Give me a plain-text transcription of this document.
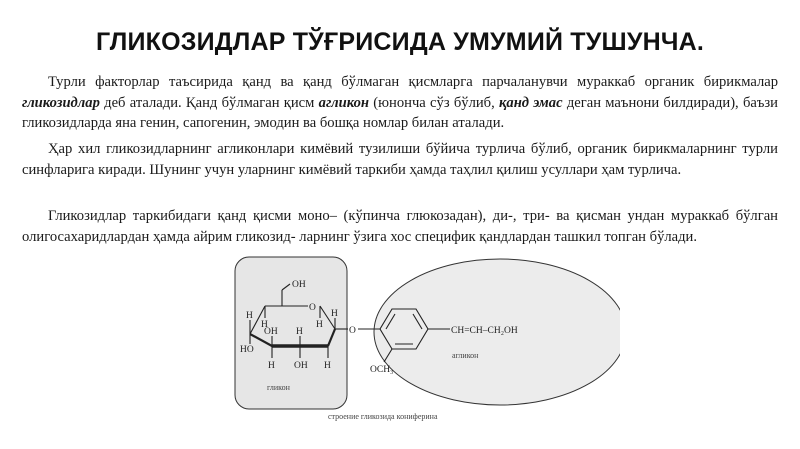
ГЛИКОЗИДЛАР ТЎҒРИСИДА УМУМИЙ ТУШУНЧА.

Турли факторлар таъсирида қанд ва қанд бўлмаган қисмларга парчаланувчи мураккаб органик бирикмалар гликозидлар деб аталади. Қанд бўлмаган қисм агликон (юнонча сўз бўлиб, қанд эмас деган маънони билдиради), баъзи гликозидларда яна генин, сапогенин, эмодин ва бошқа номлар билан аталади.

Ҳар хил гликозидларнинг агликонлари кимёвий тузилиши бўйича турлича бўлиб, органик бирикмаларнинг турли синфларига киради. Шунинг учун уларнинг кимёвий таркиби ҳамда таҳлил қилиш усуллари ҳам турлича.

Гликозидлар таркибидаги қанд қисми моно– (кўпинча глюкозадан), ди-, три- ва қисман ундан мураккаб бўлган олигосахаридлардан ҳамда айрим гликозид- ларнинг ўзига хос специфик қандлардан ташкил топган бўлади.

OH
O
H	H
H
H
OH H
HO
H OH H
O	CH=CH–CH₂OH
OCH₃
гликон
агликон
строение гликозида кониферина
